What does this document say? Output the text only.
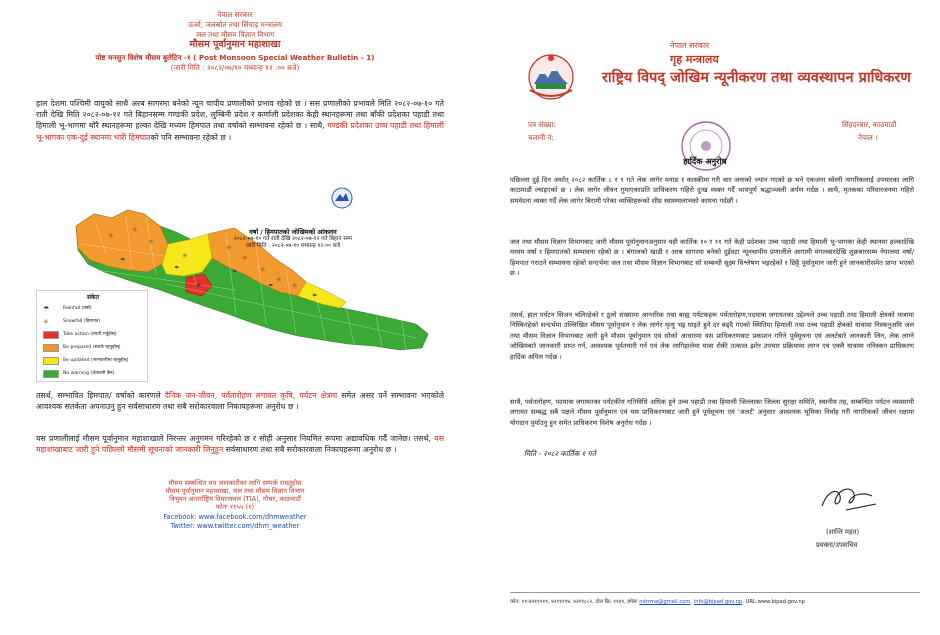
नेपाल सरकार
ऊर्जा, जलस्रोत तथा सिंचाइ मन्त्रालय
जल तथा मौसम विज्ञान विभाग
मौसम पूर्वानुमान महाशाखा
पोष्ट मनसुन विशेष मौसम बुलेटिन -१ ( Post Monsoon Special Weather Bulletin - 1)
(जारी मिति : २०८२/०७/१० मध्यान्ह १२ :०० बजे)
हाल देशमा पश्चिमी वायुको साथै अरब सागरमा बनेको न्यून चापीय प्रणालीको प्रभाव रहेको छ । सस प्रणालीको प्रभावले मिति २०८२-०७-१० गते राती देखि मिति २०८२-०७-१२ गते बिहानसम्म गण्डकी प्रदेश, लुम्बिनी प्रदेश र कर्णाली प्रदेशका केही स्थानहरूमा तथा बाँकी प्रदेशका पहाडी तथा हिमाली भू-भागमा थोरै स्थानहरूमा हल्का देखि मध्यम हिमपात तथा वर्षाको सम्भावना रहेको छ । साथै, गण्डकी प्रदेशका उच्च पहाडी तथा हिमाली भू-भागका एक-दुई स्थानमा भारी हिमपातको पनि सम्भावना रहेको छ ।
✳
✳
✳
✳
✳
✳
✳
✳
✳
☂
☂
☂
☂
☂
☂
वर्षा / हिमपातको जोखिमको आंकलन
२०८२-०७-१० गते राती देखि २०८२-०७-१२ गते बिहान सम्म
जारी मिति : २०८२-०७-१० मध्यान्ह १२:०० बजे
संकेत
☂	Rainfall (वर्षा)
✳	Snowfall (हिमपात)
Take action (तयारी गर्नुहोस्)
Be prepared (सतर्क रहनुहोस्)
Be updated (जानकारीमा रहनुहोस्)
No warning (चेतावनी छैन)
तसर्थ, सम्भावित हिमपात/ वर्षाको कारणले दैनिक जन-जीवन, पर्वतारोहण लगायत कृषि, पर्यटन क्षेत्रमा समेत असर पर्ने सम्भावना भएकोले आवश्यक सतर्कता अपनाउनु हुन सर्वसाधारण तथा सबै सरोकारवाला निकायहरूमा अनुरोध छ ।
यस प्रणालीलाई मौसम पूर्वानुमान महाशाखाले निरन्तर अनुगमन गरिरहेको छ र सोही अनुसार नियमित रूपमा अद्यावधिक गर्दै जानेछ। तसर्थ, यस महाशाखाबाट जारी हुने पछिल्लो मौसमी सूचनाको जानकारी लिनुहुन सर्वसाधारण तथा सबै सरोकारवाला निकायहरूमा अनुरोध छ ।
मौसम सम्बन्धित थप जानकारीका लागि सम्पर्क राख्नुहोस
मौसम पूर्वानुमान महाशाखा, जल तथा मौसम विज्ञान विभाग
त्रिभुवन अन्तर्राष्ट्रिय विमानस्थल (TIA), गौचर, काठमाडौं
फोनः ११५५ (१)
Facebook: www.facebook.com/dhmweather
Twitter: www.twitter.com/dhm_weather
नेपाल सरकार
गृह मन्त्रालय
राष्ट्रिय विपद् जोखिम न्यूनीकरण तथा व्यवस्थापन प्राधिकरण
पत्र संख्या:
चलानी नं:
सिंहदरबार, काठमाडौं
नेपाल ।
हार्दिक अनुरोध
पछिल्ला दुई दिन अर्थात् २०८२ कार्तिक ८ र ९ गते लेक लागेर मनाङ र कास्कीमा गरी चार जनाको ज्यान गएको छ भने एकजना स्वेस्नी नागरिकलाई उपचारका लागि काठमाडौं ल्याइएको छ । लेक लागेर जीवन गुमाएकाप्रति प्राधिकरण गहिरो दुःख व्यक्त गर्दै भावपूर्ण श्रद्धाञ्जली अर्पण गर्दछ । साथै, मृतकका परिवारजनमा गहिरो समवेदना व्यक्त गर्दै लेक लागेर बिरामी परेका व्यक्तिहरूको शीघ्र स्वास्थ्यलाभको कामना गर्दछौं ।
जल तथा मौसम विज्ञान विभागबाट जारी मौसम पूर्वानुमानअनुसार यही कार्तिक १० र ११ गते केही प्रदेशका उच्च पहाडी तथा हिमाली भू-भागका केही स्थानमा हल्कादेखि मध्यम वर्षा र हिमपातको सम्भावना रहेको छ । बंगालको खाडी र अरब सागरमा बनेको दुईवटा न्यूनचापीय प्रणालीले आगामी मंगलबारदेखि शुक्रबारसम्म नेपालमा वर्षा/हिमपात गराउने सम्भावना रहेको सन्दर्भमा जल तथा मौसम विज्ञान विभागबाट सो सम्बन्धी सूक्ष्म विश्लेषण भइरहेको र छिट्टै पूर्वानुमान जारी हुने जानकारीसमेत प्राप्त भएको छ ।
तसर्थ, हाल पर्यटन सिजन चलिरहेको र ठूलो संख्यामा आन्तरिक तथा बाह्य पर्यटकहरू पर्वतारोहण,पदयात्रा लगायतका उद्देश्यले उच्च पहाडी तथा हिमाली क्षेत्रको यात्रामा निस्किरहेको सन्दर्भमा उल्लिखित मौसम पूर्वानुमान र लेक लागेर मृत्यु भइ घाइते हुने दर बढ्दै गएको स्थितिमा हिमाली तथा उच्च पहाडी क्षेत्रको यात्रामा निस्कनुअघि जल तथा मौसम विज्ञान विभागबाट जारी हुने मौसम पूर्वानुमान एवं सोको आधारमा यस प्राधिकरणबाट प्रकाशन गरिने पूर्वसूचना एवं अलर्टबारे जानकारी लिन, लेक लाग्ने जोखिमबारे जानकारी प्राप्त गर्न, आवश्यक पूर्वतयारी गर्न एवं लेक लागिहालेमा यात्रा रोकी तत्काल झरेर उपचार प्रक्रियामा लाग्न एवं एक्लै यात्रामा ननिस्कन प्राधिकरण हार्दिक अपिल गर्दछ ।
साथै, पर्वतारोहण, पदयात्रा लगायतका पर्यटकीय गतिविधि अधिक हुने उच्च पहाडी तथा हिमाली जिल्लाका जिल्ला सुरक्षा समिति, स्थानीय तह, सम्बन्धित पर्यटन व्यवसायी लगायत सम्बद्ध सबै पक्षले मौसम पूर्वानुमान एवं यस प्राधिकरणबाट जारी हुने पूर्वसूचना एवं 'अलर्ट' अनुसार आवश्यक भूमिका निर्वाह गरी नागरिकको जीवन रक्षामा योगदान पुर्याउनु हुन समेत प्राधिकरण विशेष अनुरोध गर्दछ ।
मिति - २०८२ कार्तिक १ गते
(शान्ति महत)
प्रवक्ता/उपसचिव
फोन: ०१-४२११९१९, ४२११९९४, ४२११८८२, टोल फ्रि: ११४९, इमेलः ndrrma@gmail.com, info@bipad.gov.np, URL:www.bipad.gov.np
